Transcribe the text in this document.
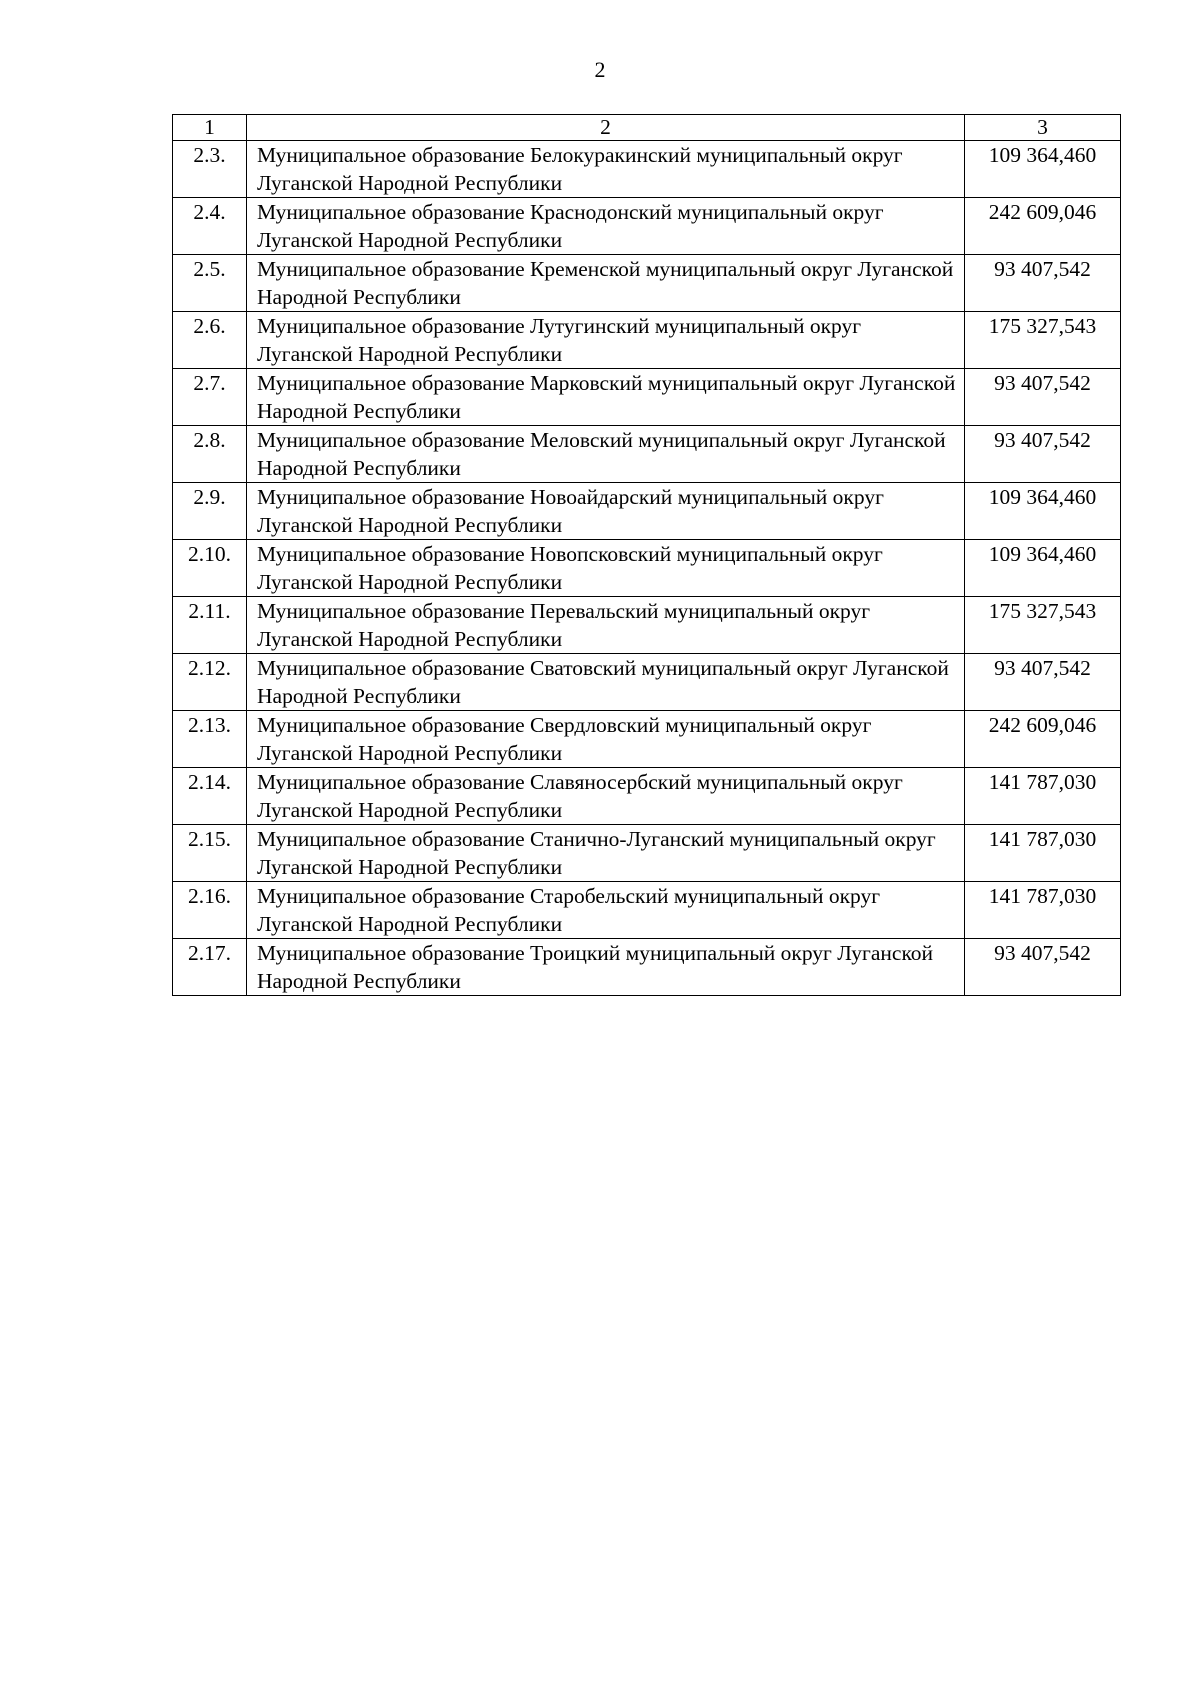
2
1	2	3
2.3.	Муниципальное образование Белокуракинский муниципальный округ Луганской Народной Республики	109 364,460
2.4.	Муниципальное образование Краснодонский муниципальный округ Луганской Народной Республики	242 609,046
2.5.	Муниципальное образование Кременской муниципальный округ Луганской Народной Республики	93 407,542
2.6.	Муниципальное образование Лутугинский муниципальный округ Луганской Народной Республики	175 327,543
2.7.	Муниципальное образование Марковский муниципальный округ Луганской Народной Республики	93 407,542
2.8.	Муниципальное образование Меловский муниципальный округ Луганской Народной Республики	93 407,542
2.9.	Муниципальное образование Новоайдарский муниципальный округ Луганской Народной Республики	109 364,460
2.10.	Муниципальное образование Новопсковский муниципальный округ Луганской Народной Республики	109 364,460
2.11.	Муниципальное образование Перевальский муниципальный округ Луганской Народной Республики	175 327,543
2.12.	Муниципальное образование Сватовский муниципальный округ Луганской Народной Республики	93 407,542
2.13.	Муниципальное образование Свердловский муниципальный округ Луганской Народной Республики	242 609,046
2.14.	Муниципальное образование Славяносербский муниципальный округ Луганской Народной Республики	141 787,030
2.15.	Муниципальное образование Станично-Луганский муниципальный округ Луганской Народной Республики	141 787,030
2.16.	Муниципальное образование Старобельский муниципальный округ Луганской Народной Республики	141 787,030
2.17.	Муниципальное образование Троицкий муниципальный округ Луганской Народной Республики	93 407,542
